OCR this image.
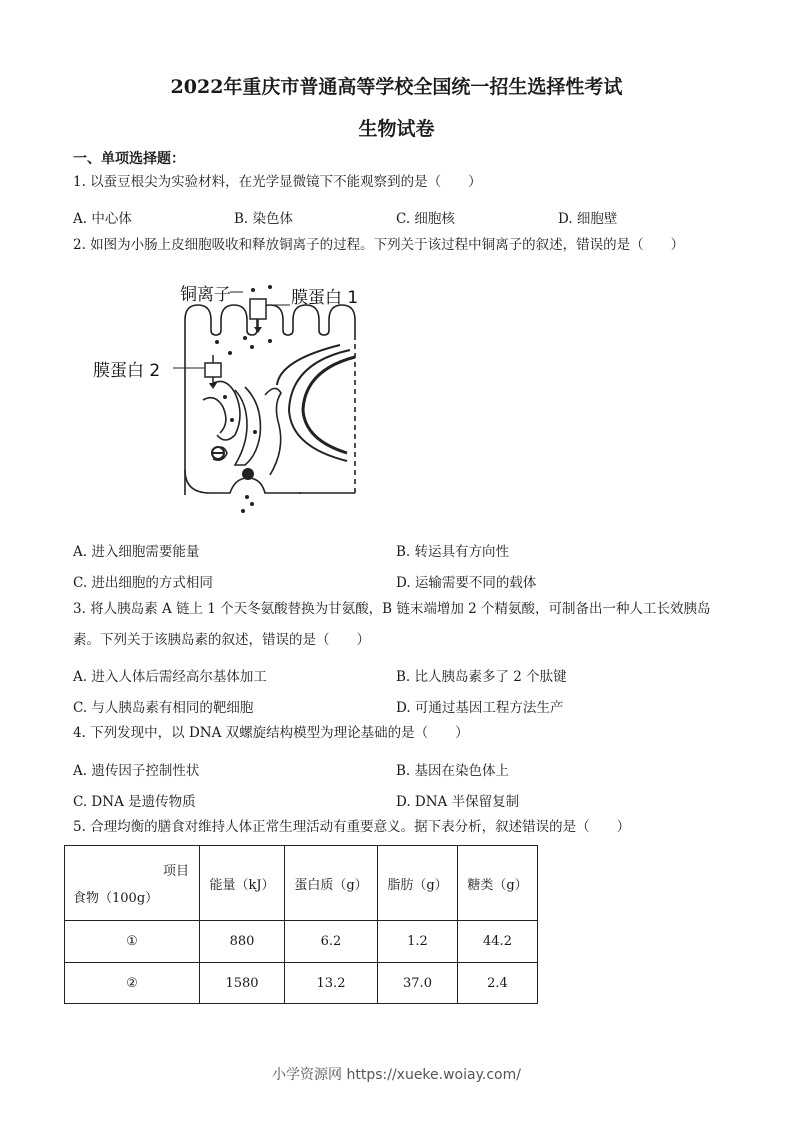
2022年重庆市普通高等学校全国统一招生选择性考试
生物试卷
一、单项选择题：
1. 以蚕豆根尖为实验材料，在光学显微镜下不能观察到的是（　　）
A. 中心体	B. 染色体	C. 细胞核	D. 细胞壁
2. 如图为小肠上皮细胞吸收和释放铜离子的过程。下列关于该过程中铜离子的叙述，错误的是（　　）
铜离子	膜蛋白 1
膜蛋白 2
A. 进入细胞需要能量	B. 转运具有方向性
C. 进出细胞的方式相同	D. 运输需要不同的载体
3. 将人胰岛素 A 链上 1 个天冬氨酸替换为甘氨酸，B 链末端增加 2 个精氨酸，可制备出一种人工长效胰岛
素。下列关于该胰岛素的叙述，错误的是（　　）
A. 进入人体后需经高尔基体加工	B. 比人胰岛素多了 2 个肽键
C. 与人胰岛素有相同的靶细胞	D. 可通过基因工程方法生产
4. 下列发现中，以 DNA 双螺旋结构模型为理论基础的是（　　）
A. 遗传因子控制性状	B. 基因在染色体上
C. DNA 是遗传物质	D. DNA 半保留复制
5. 合理均衡的膳食对维持人体正常生理活动有重要意义。据下表分析，叙述错误的是（　　）
项目
食物（100g）	能量（kJ）	蛋白质（g）	脂肪（g）	糖类（g）
①	880	6.2	1.2	44.2
②	1580	13.2	37.0	2.4
小学资源网 https://xueke.woiay.com/
